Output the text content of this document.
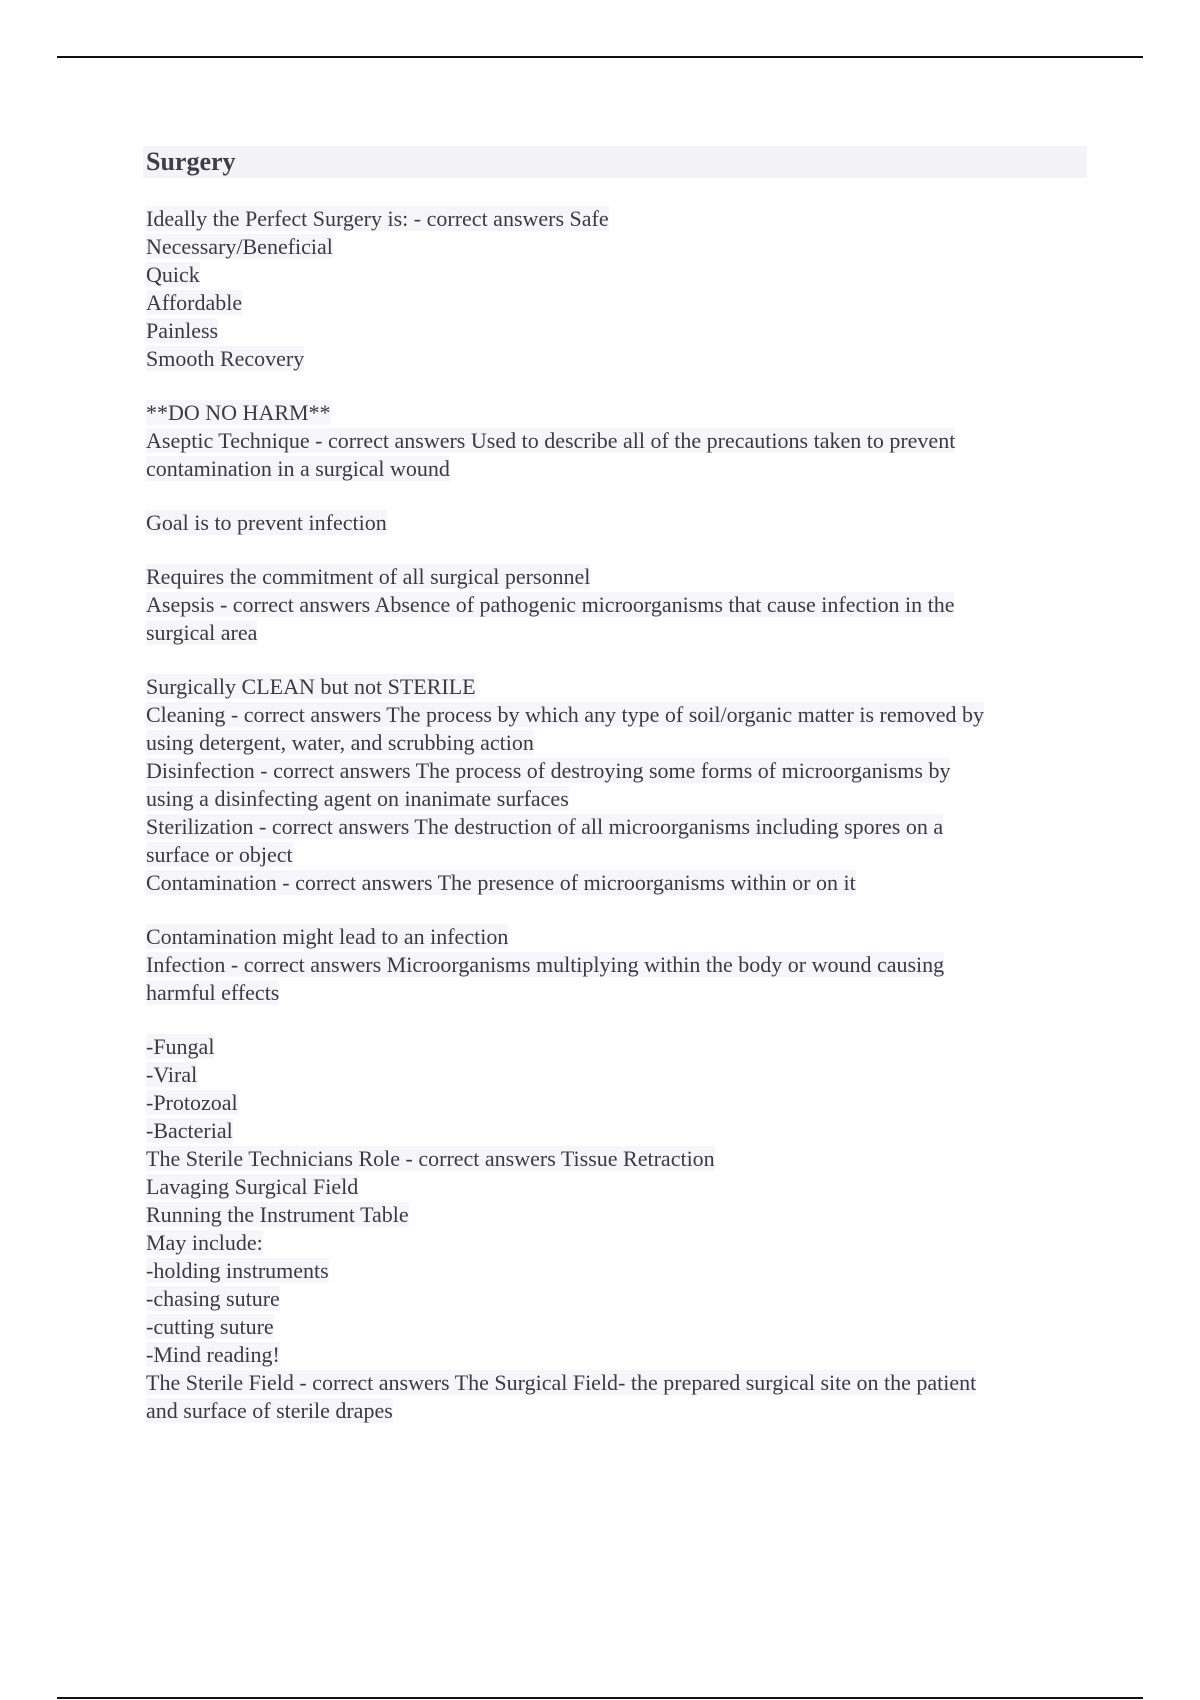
Surgery
Ideally the Perfect Surgery is: - correct answers Safe
Necessary/Beneficial
Quick
Affordable
Painless
Smooth Recovery
**DO NO HARM**
Aseptic Technique - correct answers Used to describe all of the precautions taken to prevent
contamination in a surgical wound
Goal is to prevent infection
Requires the commitment of all surgical personnel
Asepsis - correct answers Absence of pathogenic microorganisms that cause infection in the
surgical area
Surgically CLEAN but not STERILE
Cleaning - correct answers The process by which any type of soil/organic matter is removed by
using detergent, water, and scrubbing action
Disinfection - correct answers The process of destroying some forms of microorganisms by
using a disinfecting agent on inanimate surfaces
Sterilization - correct answers The destruction of all microorganisms including spores on a
surface or object
Contamination - correct answers The presence of microorganisms within or on it
Contamination might lead to an infection
Infection - correct answers Microorganisms multiplying within the body or wound causing
harmful effects
-Fungal
-Viral
-Protozoal
-Bacterial
The Sterile Technicians Role - correct answers Tissue Retraction
Lavaging Surgical Field
Running the Instrument Table
May include:
-holding instruments
-chasing suture
-cutting suture
-Mind reading!
The Sterile Field - correct answers The Surgical Field- the prepared surgical site on the patient
and surface of sterile drapes
